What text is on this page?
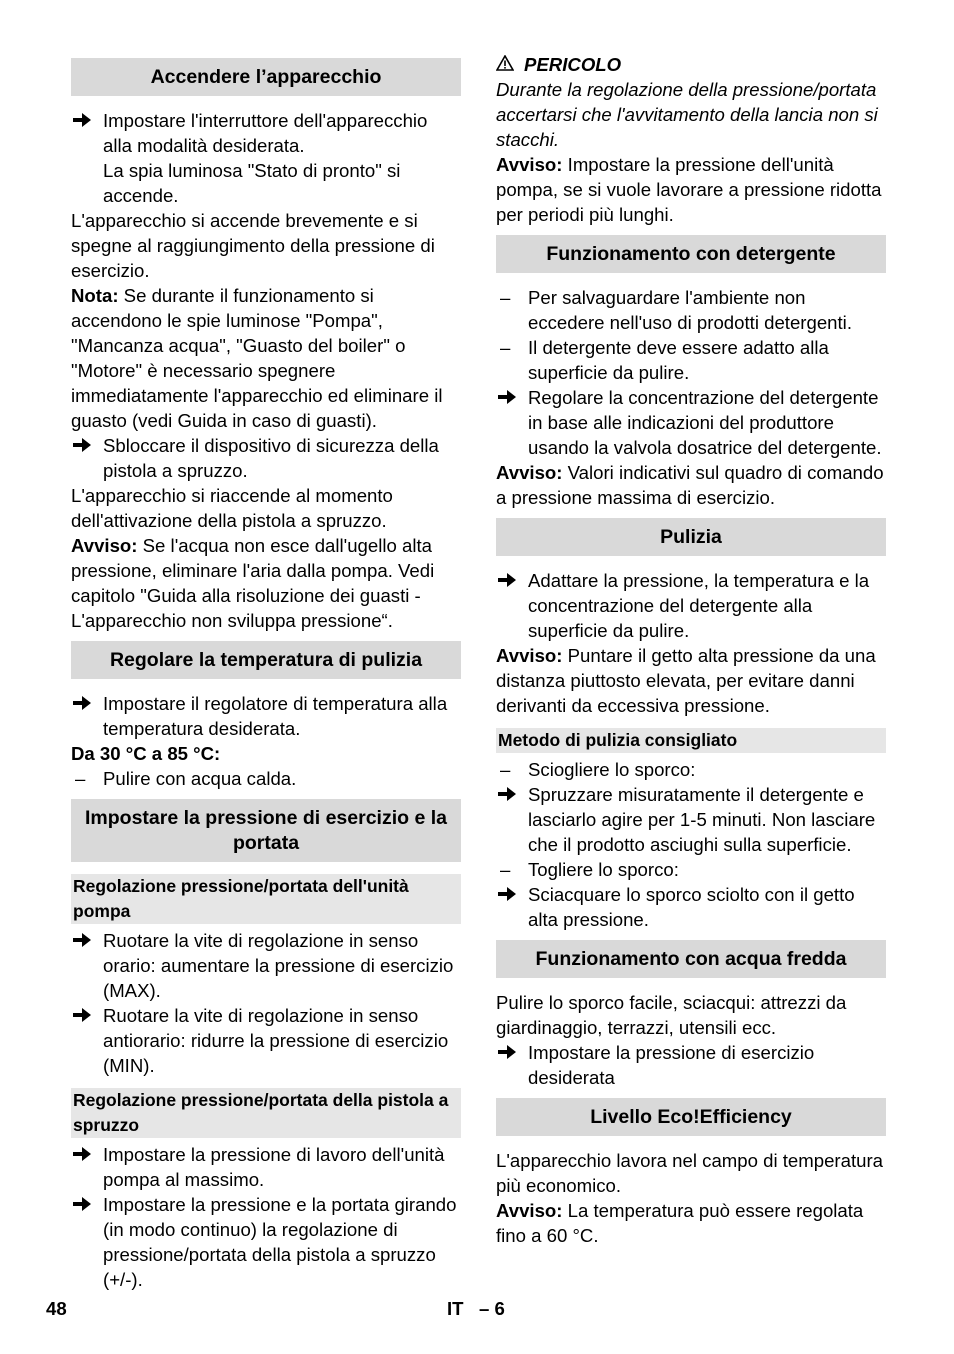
Accendere l’apparecchio
Impostare l'interruttore dell'apparecchio alla modalità desiderata.
La spia luminosa "Stato di pronto" si accende.
L'apparecchio si accende brevemente e si spegne al raggiungimento della pressione di esercizio.
Nota: Se durante il funzionamento si accendono le spie luminose "Pompa", "Mancanza acqua", "Guasto del boiler" o "Motore" è necessario spegnere immediatamente l'apparecchio ed eliminare il guasto (vedi Guida in caso di guasti).
Sbloccare il dispositivo di sicurezza della pistola a spruzzo.
L'apparecchio si riaccende al momento dell'attivazione della pistola a spruzzo.
Avviso: Se l'acqua non esce dall'ugello alta pressione, eliminare l'aria dalla pompa. Vedi capitolo "Guida alla risoluzione dei guasti - L'apparecchio non sviluppa pressione“.
Regolare la temperatura di pulizia
Impostare il regolatore di temperatura alla temperatura desiderata.
Da 30 °C a 85 °C:
– Pulire con acqua calda.
Impostare la pressione di esercizio e la portata
Regolazione pressione/portata dell'unità pompa
Ruotare la vite di regolazione in senso orario: aumentare la pressione di esercizio (MAX).
Ruotare la vite di regolazione in senso antiorario: ridurre la pressione di esercizio (MIN).
Regolazione pressione/portata della pistola a spruzzo
Impostare la pressione di lavoro dell'unità pompa al massimo.
Impostare la pressione e la portata girando (in modo continuo) la regolazione di pressione/portata della pistola a spruzzo (+/-).
PERICOLO
Durante la regolazione della pressione/portata accertarsi che l'avvitamento della lancia non si stacchi.
Avviso: Impostare la pressione dell'unità pompa, se si vuole lavorare a pressione ridotta per periodi più lunghi.
Funzionamento con detergente
– Per salvaguardare l'ambiente non eccedere nell'uso di prodotti detergenti.
– Il detergente deve essere adatto alla superficie da pulire.
Regolare la concentrazione del detergente in base alle indicazioni del produttore usando la valvola dosatrice del detergente.
Avviso: Valori indicativi sul quadro di comando a pressione massima di esercizio.
Pulizia
Adattare la pressione, la temperatura e la concentrazione del detergente alla superficie da pulire.
Avviso: Puntare il getto alta pressione da una distanza piuttosto elevata, per evitare danni derivanti da eccessiva pressione.
Metodo di pulizia consigliato
– Sciogliere lo sporco:
Spruzzare misuratamente il detergente e lasciarlo agire per 1-5 minuti. Non lasciare che il prodotto asciughi sulla superficie.
– Togliere lo sporco:
Sciacquare lo sporco sciolto con il getto alta pressione.
Funzionamento con acqua fredda
Pulire lo sporco facile, sciacqui: attrezzi da giardinaggio, terrazzi, utensili ecc.
Impostare la pressione di esercizio desiderata
Livello Eco!Efficiency
L'apparecchio lavora nel campo di temperatura più economico.
Avviso: La temperatura può essere regolata fino a 60 °C.
48	IT   – 6
